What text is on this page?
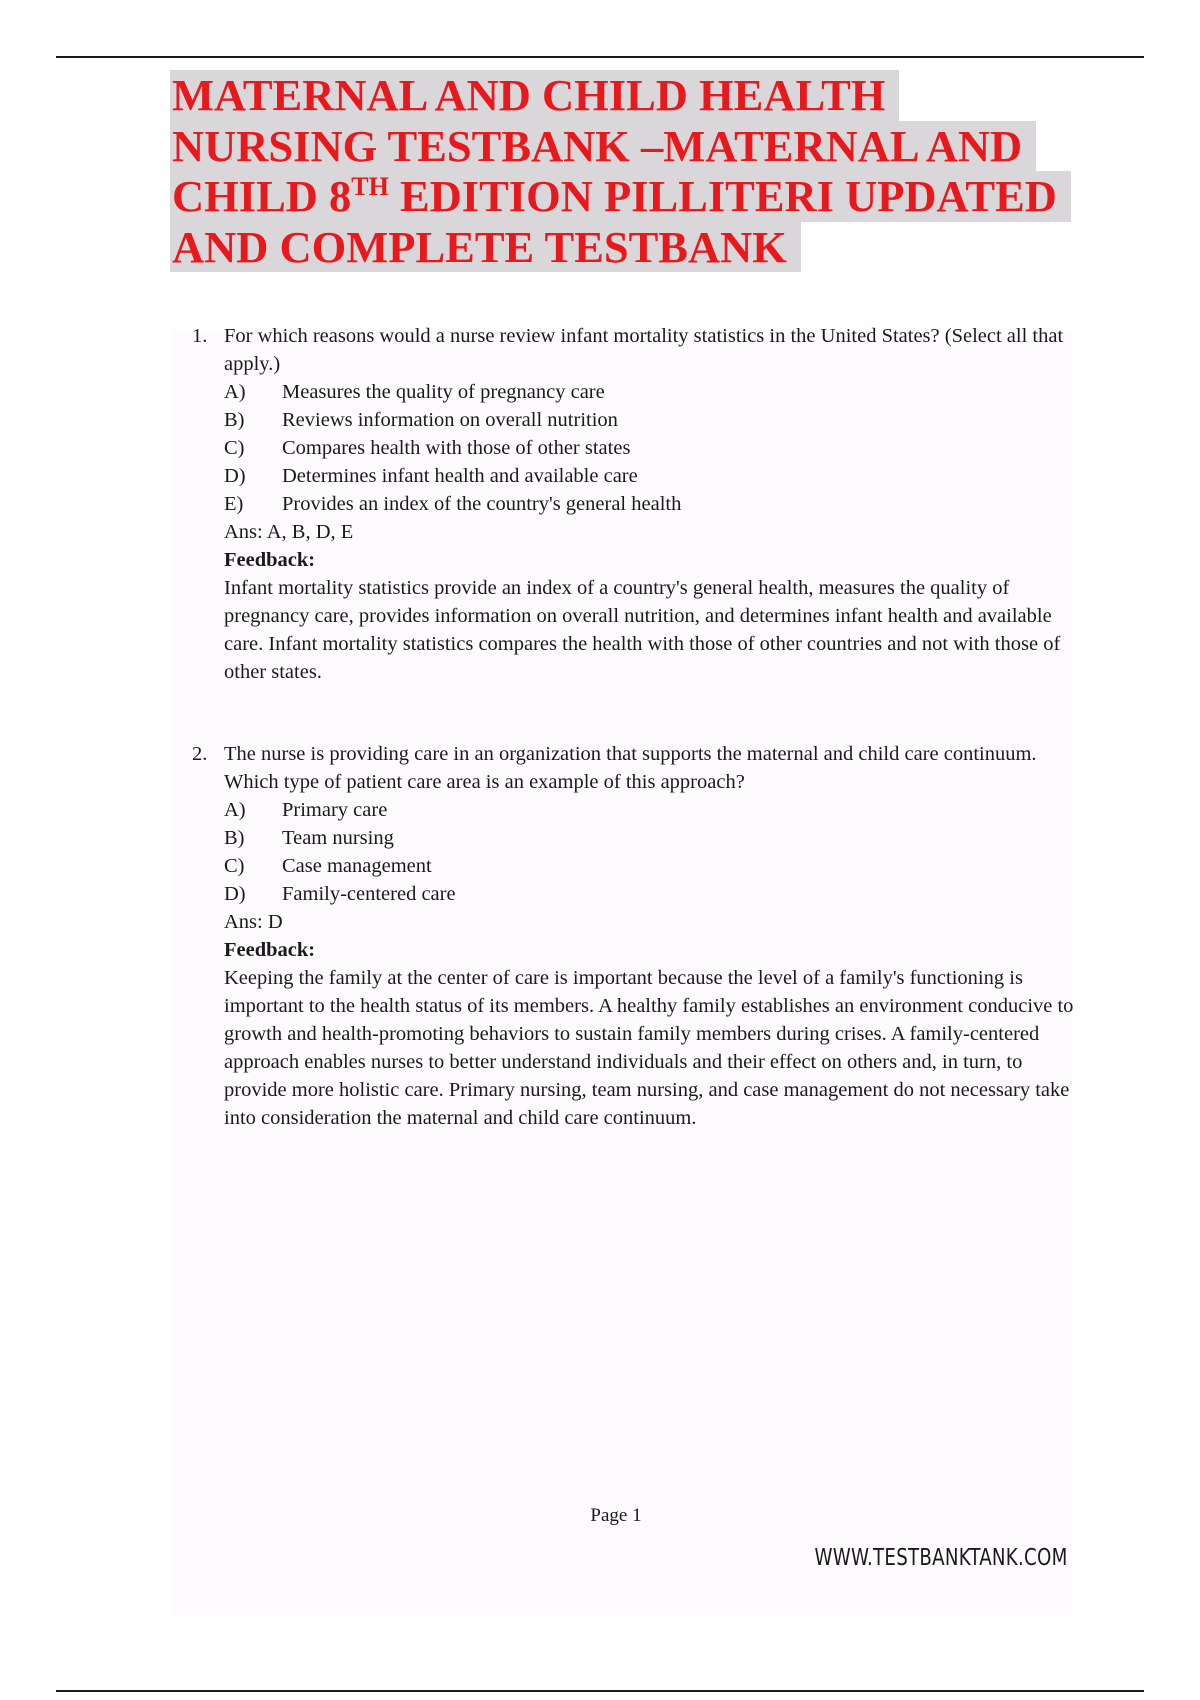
MATERNAL AND CHILD HEALTH
NURSING TESTBANK –MATERNAL AND
CHILD 8TH EDITION PILLITERI UPDATED
AND COMPLETE TESTBANK
1. For which reasons would a nurse review infant mortality statistics in the United States? (Select all that apply.)
A)	Measures the quality of pregnancy care
B)	Reviews information on overall nutrition
C)	Compares health with those of other states
D)	Determines infant health and available care
E)	Provides an index of the country's general health
Ans: A, B, D, E
Feedback:
Infant mortality statistics provide an index of a country's general health, measures the quality of pregnancy care, provides information on overall nutrition, and determines infant health and available care. Infant mortality statistics compares the health with those of other countries and not with those of other states.
2. The nurse is providing care in an organization that supports the maternal and child care continuum. Which type of patient care area is an example of this approach?
A)	Primary care
B)	Team nursing
C)	Case management
D)	Family-centered care
Ans: D
Feedback:
Keeping the family at the center of care is important because the level of a family's functioning is important to the health status of its members. A healthy family establishes an environment conducive to growth and health-promoting behaviors to sustain family members during crises. A family-centered approach enables nurses to better understand individuals and their effect on others and, in turn, to provide more holistic care. Primary nursing, team nursing, and case management do not necessary take into consideration the maternal and child care continuum.
Page 1
WWW.TESTBANKTANK.COM
